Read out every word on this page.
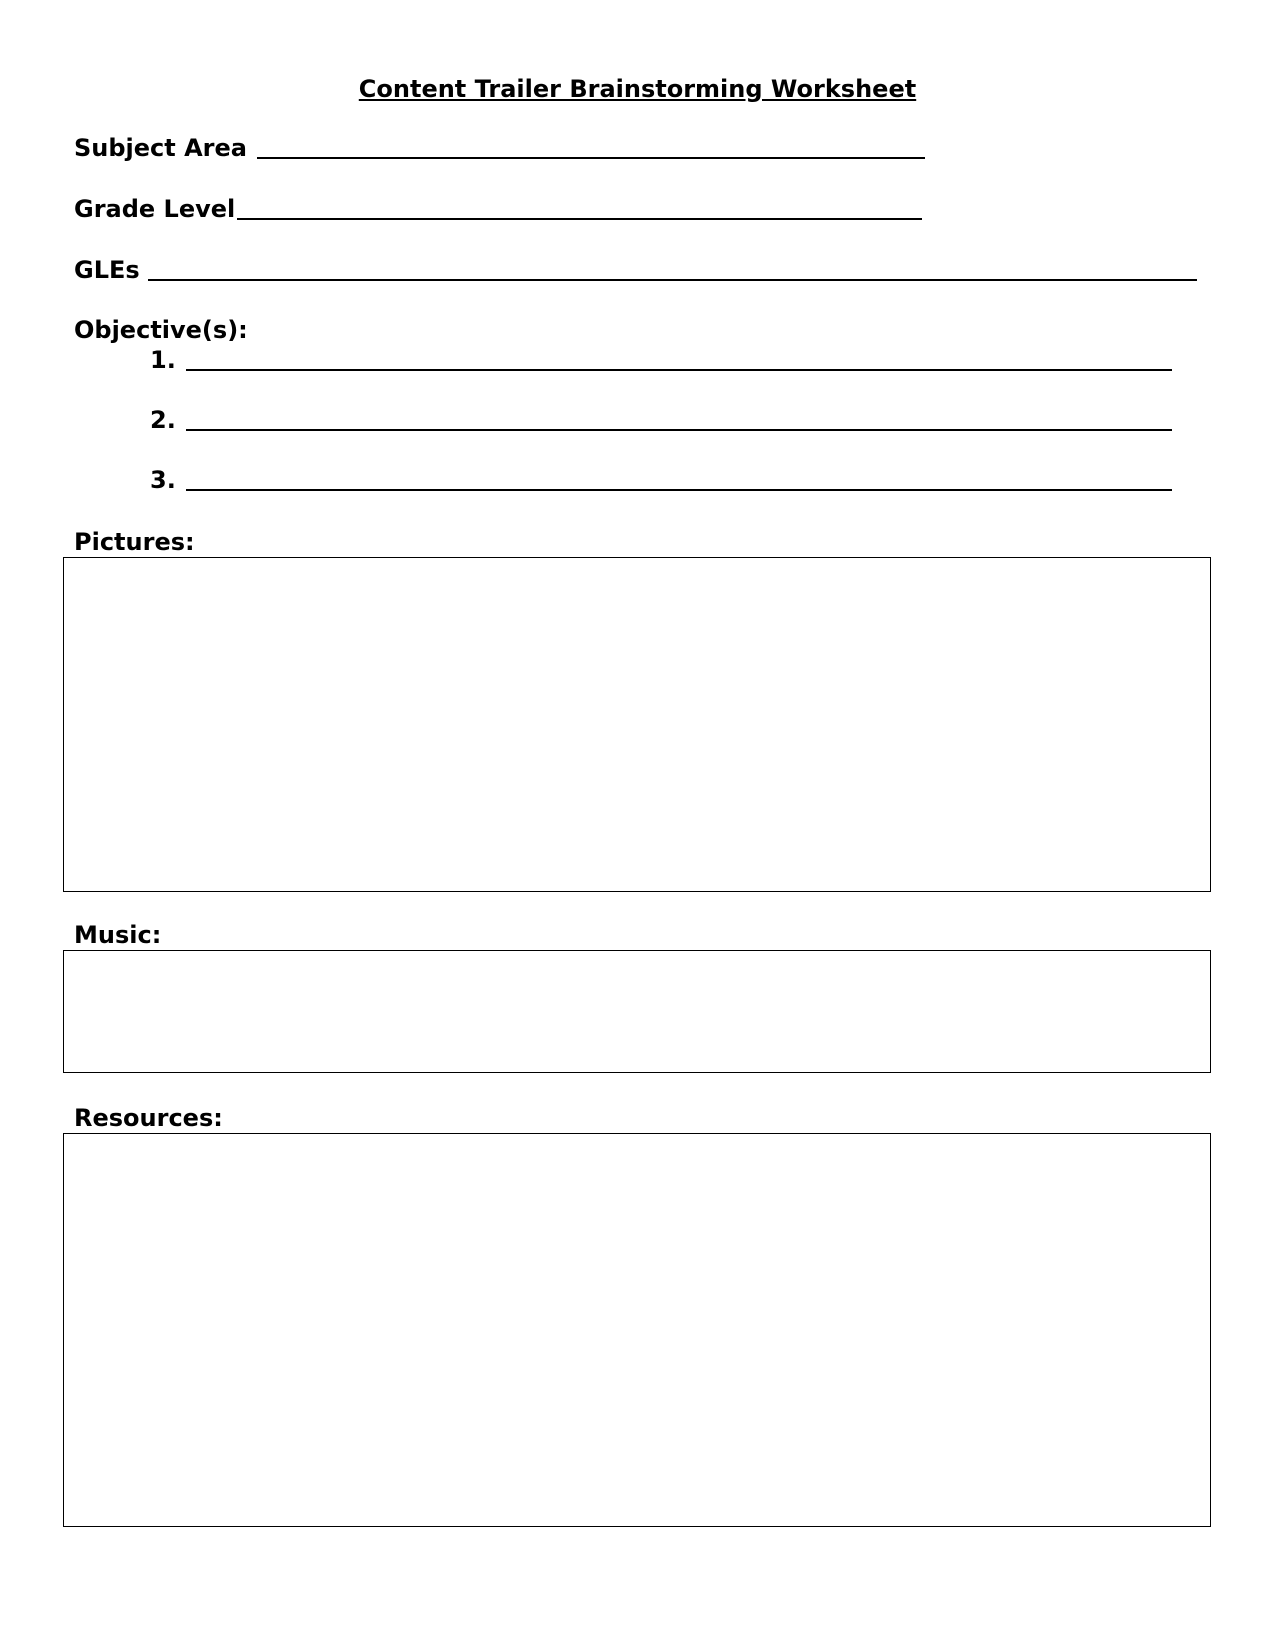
Content Trailer Brainstorming Worksheet
Subject Area
Grade Level
GLEs
Objective(s):
1.
2.
3.
Pictures:
Music:
Resources:
